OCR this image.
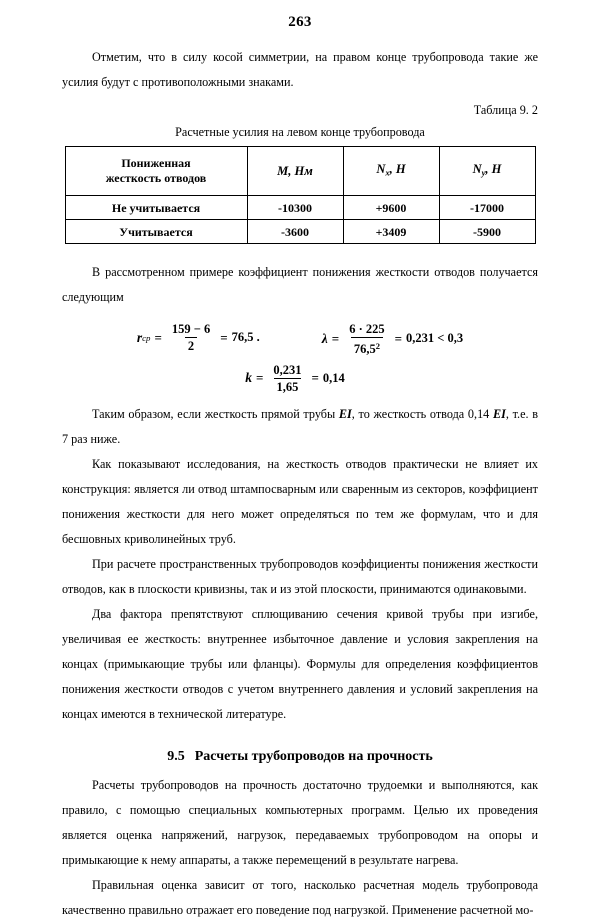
263

Отметим, что в силу косой симметрии, на правом конце трубопровода такие же усилия будут с противоположными знаками.

Таблица 9. 2
Расчетные усилия на левом конце трубопровода
Пониженная
жесткость отводов	M, Нм	$N_x$, Н	$N_y$, Н
Не учитывается	-10300	+9600	-17000
Учитывается	-3600	+3409	-5900

В рассмотренном примере коэффициент понижения жесткости отводов получается следующим

r ср = $\frac{159 - 6}{2} = 76,5$ .	$\lambda = \frac{6 \cdot 225}{76,5^2} = 0,231 < 0,3$
$k = \frac{0,231}{1,65} = 0,14$

Таким образом, если жесткость прямой трубы EI, то жесткость отвода 0,14 EI, т.е. в 7 раз ниже.

Как показывают исследования, на жесткость отводов практически не влияет их конструкция: является ли отвод штампосварным или сваренным из секторов, коэффициент понижения жесткости для него может определяться по тем же формулам, что и для бесшовных криволинейных труб.

При расчете пространственных трубопроводов коэффициенты понижения жесткости отводов, как в плоскости кривизны, так и из этой плоскости, принимаются одинаковыми.

Два фактора препятствуют сплющиванию сечения кривой трубы при изгибе, увеличивая ее жесткость: внутреннее избыточное давление и условия закрепления на концах (примыкающие трубы или фланцы). Формулы для определения коэффициентов понижения жесткости отводов с учетом внутреннего давления и условий закрепления на концах имеются в технической литературе.

9.5 Расчеты трубопроводов на прочность

Расчеты трубопроводов на прочность достаточно трудоемки и выполняются, как правило, с помощью специальных компьютерных программ. Целью их проведения является оценка напряжений, нагрузок, передаваемых трубопроводом на опоры и примыкающие к нему аппараты, а также перемещений в результате нагрева.

Правильная оценка зависит от того, насколько расчетная модель трубопровода качественно правильно отражает его поведение под нагрузкой. Применение расчетной мо-
